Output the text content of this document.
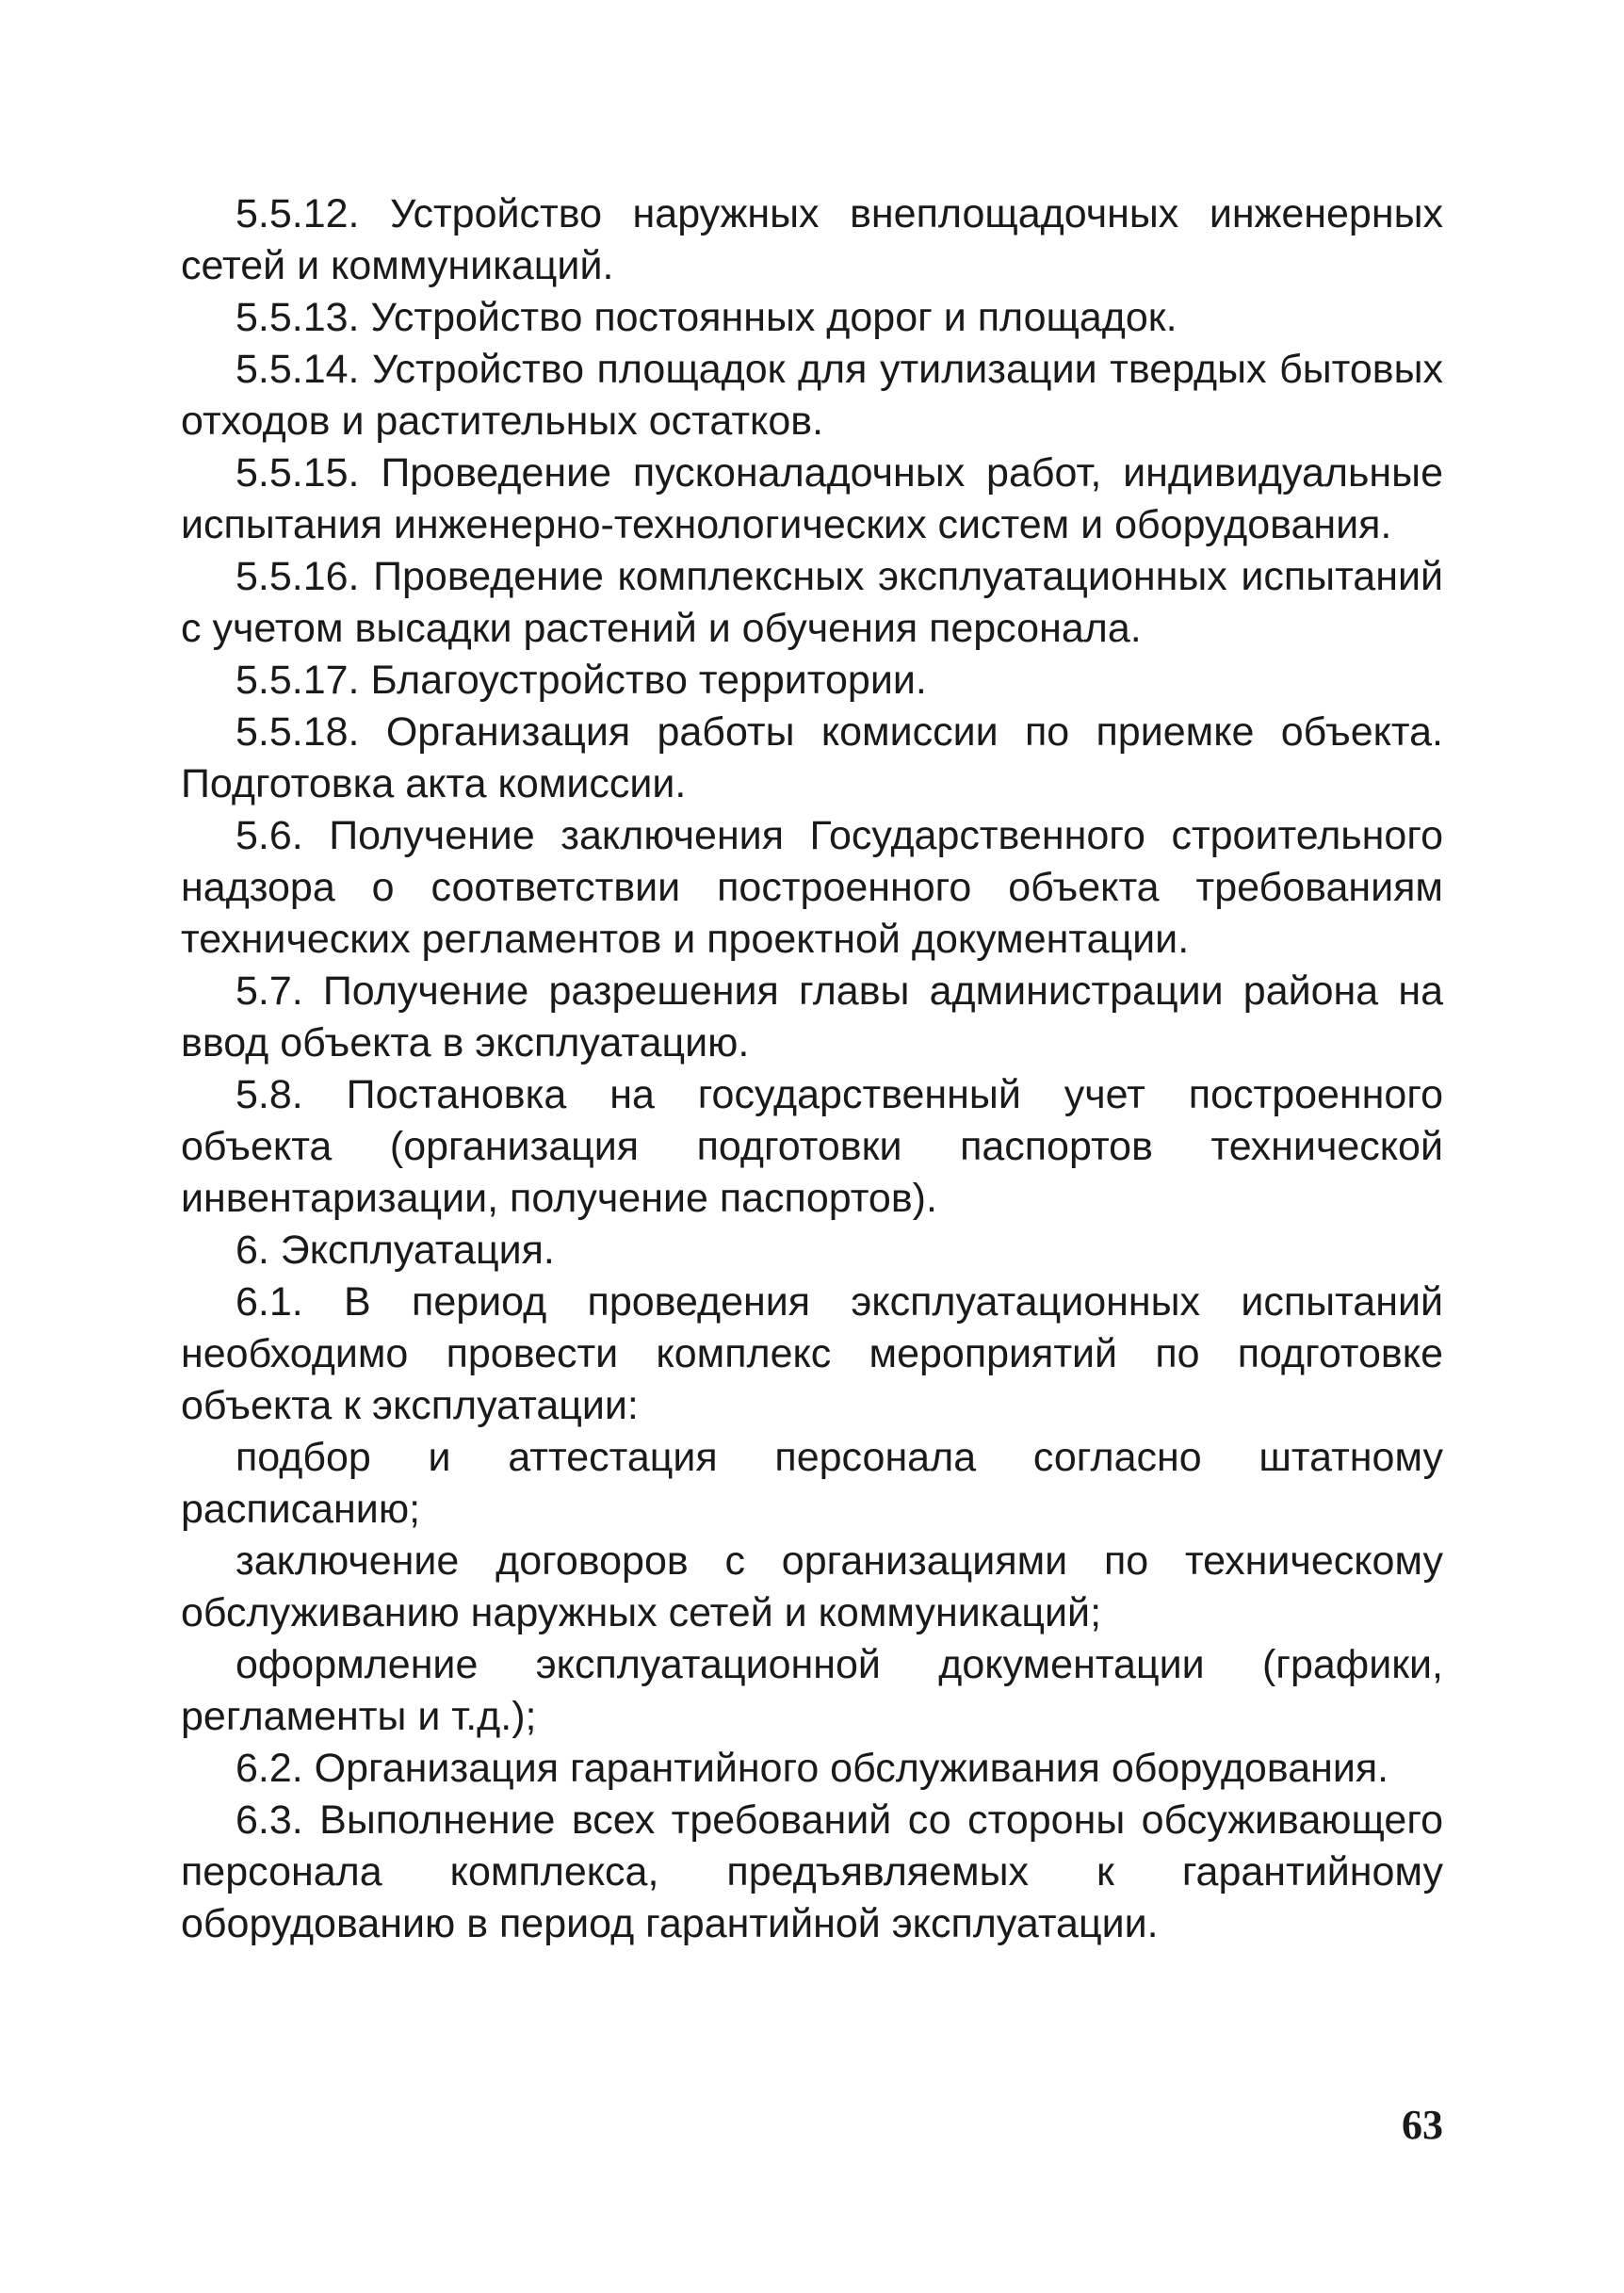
5.5.12. Устройство наружных внеплощадочных инженерных сетей и коммуникаций.

5.5.13. Устройство постоянных дорог и площадок.

5.5.14. Устройство площадок для утилизации твердых бытовых отходов и растительных остатков.

5.5.15. Проведение пусконаладочных работ, индивидуальные испытания инженерно-технологических систем и оборудования.

5.5.16. Проведение комплексных эксплуатационных испытаний с учетом высадки растений и обучения персонала.

5.5.17. Благоустройство территории.

5.5.18. Организация работы комиссии по приемке объекта. Подготовка акта комиссии.

5.6. Получение заключения Государственного строительного надзора о соответствии построенного объекта требованиям технических регламентов и проектной документации.

5.7. Получение разрешения главы администрации района на ввод объекта в эксплуатацию.

5.8. Постановка на государственный учет построенного объекта (организация подготовки паспортов технической инвентаризации, получение паспортов).

6. Эксплуатация.

6.1. В период проведения эксплуатационных испытаний необходимо провести комплекс мероприятий по подготовке объекта к эксплуатации:

подбор и аттестация персонала согласно штатному расписанию;

заключение договоров с организациями по техническому обслуживанию наружных сетей и коммуникаций;

оформление эксплуатационной документации (графики, регламенты и т.д.);

6.2. Организация гарантийного обслуживания оборудования.

6.3. Выполнение всех требований со стороны обсуживающего персонала комплекса, предъявляемых к гарантийному оборудованию в период гарантийной эксплуатации.

63
